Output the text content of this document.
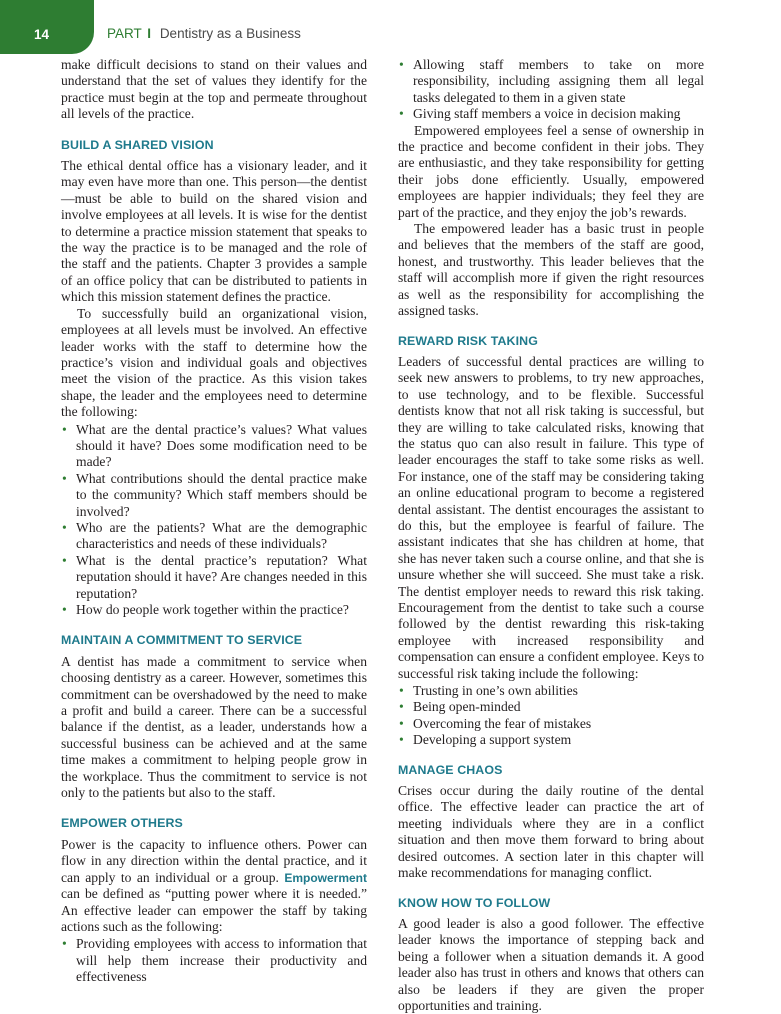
14	PART I Dentistry as a Business

make difficult decisions to stand on their values and understand that the set of values they identify for the practice must begin at the top and permeate throughout all levels of the practice.

BUILD A SHARED VISION

The ethical dental office has a visionary leader, and it may even have more than one. This person—the dentist—must be able to build on the shared vision and involve employees at all levels. It is wise for the dentist to determine a practice mission statement that speaks to the way the practice is to be managed and the role of the staff and the patients. Chapter 3 provides a sample of an office policy that can be distributed to patients in which this mission statement defines the practice.

To successfully build an organizational vision, employees at all levels must be involved. An effective leader works with the staff to determine how the practice’s vision and individual goals and objectives meet the vision of the practice. As this vision takes shape, the leader and the employees need to determine the following:

• What are the dental practice’s values? What values should it have? Does some modification need to be made?
• What contributions should the dental practice make to the community? Which staff members should be involved?
• Who are the patients? What are the demographic characteristics and needs of these individuals?
• What is the dental practice’s reputation? What reputation should it have? Are changes needed in this reputation?
• How do people work together within the practice?
MAINTAIN A COMMITMENT TO SERVICE

A dentist has made a commitment to service when choosing dentistry as a career. However, sometimes this commitment can be overshadowed by the need to make a profit and build a career. There can be a successful balance if the dentist, as a leader, understands how a successful business can be achieved and at the same time makes a commitment to helping people grow in the workplace. Thus the commitment to service is not only to the patients but also to the staff.

EMPOWER OTHERS

Power is the capacity to influence others. Power can flow in any direction within the dental practice, and it can apply to an individual or a group. Empowerment can be defined as “putting power where it is needed.” An effective leader can empower the staff by taking actions such as the following:

• Providing employees with access to information that will help them increase their productivity and effectiveness
• Allowing staff members to take on more responsibility, including assigning them all legal tasks delegated to them in a given state
• Giving staff members a voice in decision making

Empowered employees feel a sense of ownership in the practice and become confident in their jobs. They are enthusiastic, and they take responsibility for getting their jobs done efficiently. Usually, empowered employees are happier individuals; they feel they are part of the practice, and they enjoy the job’s rewards.

The empowered leader has a basic trust in people and believes that the members of the staff are good, honest, and trustworthy. This leader believes that the staff will accomplish more if given the right resources as well as the responsibility for accomplishing the assigned tasks.

REWARD RISK TAKING

Leaders of successful dental practices are willing to seek new answers to problems, to try new approaches, to use technology, and to be flexible. Successful dentists know that not all risk taking is successful, but they are willing to take calculated risks, knowing that the status quo can also result in failure. This type of leader encourages the staff to take some risks as well. For instance, one of the staff may be considering taking an online educational program to become a registered dental assistant. The dentist encourages the assistant to do this, but the employee is fearful of failure. The assistant indicates that she has children at home, that she has never taken such a course online, and that she is unsure whether she will succeed. She must take a risk. The dentist employer needs to reward this risk taking. Encouragement from the dentist to take such a course followed by the dentist rewarding this risk-taking employee with increased responsibility and compensation can ensure a confident employee. Keys to successful risk taking include the following:

• Trusting in one’s own abilities
• Being open-minded
• Overcoming the fear of mistakes
• Developing a support system
MANAGE CHAOS

Crises occur during the daily routine of the dental office. The effective leader can practice the art of meeting individuals where they are in a conflict situation and then move them forward to bring about desired outcomes. A section later in this chapter will make recommendations for managing conflict.

KNOW HOW TO FOLLOW

A good leader is also a good follower. The effective leader knows the importance of stepping back and being a follower when a situation demands it. A good leader also has trust in others and knows that others can also be leaders if they are given the proper opportunities and training.
